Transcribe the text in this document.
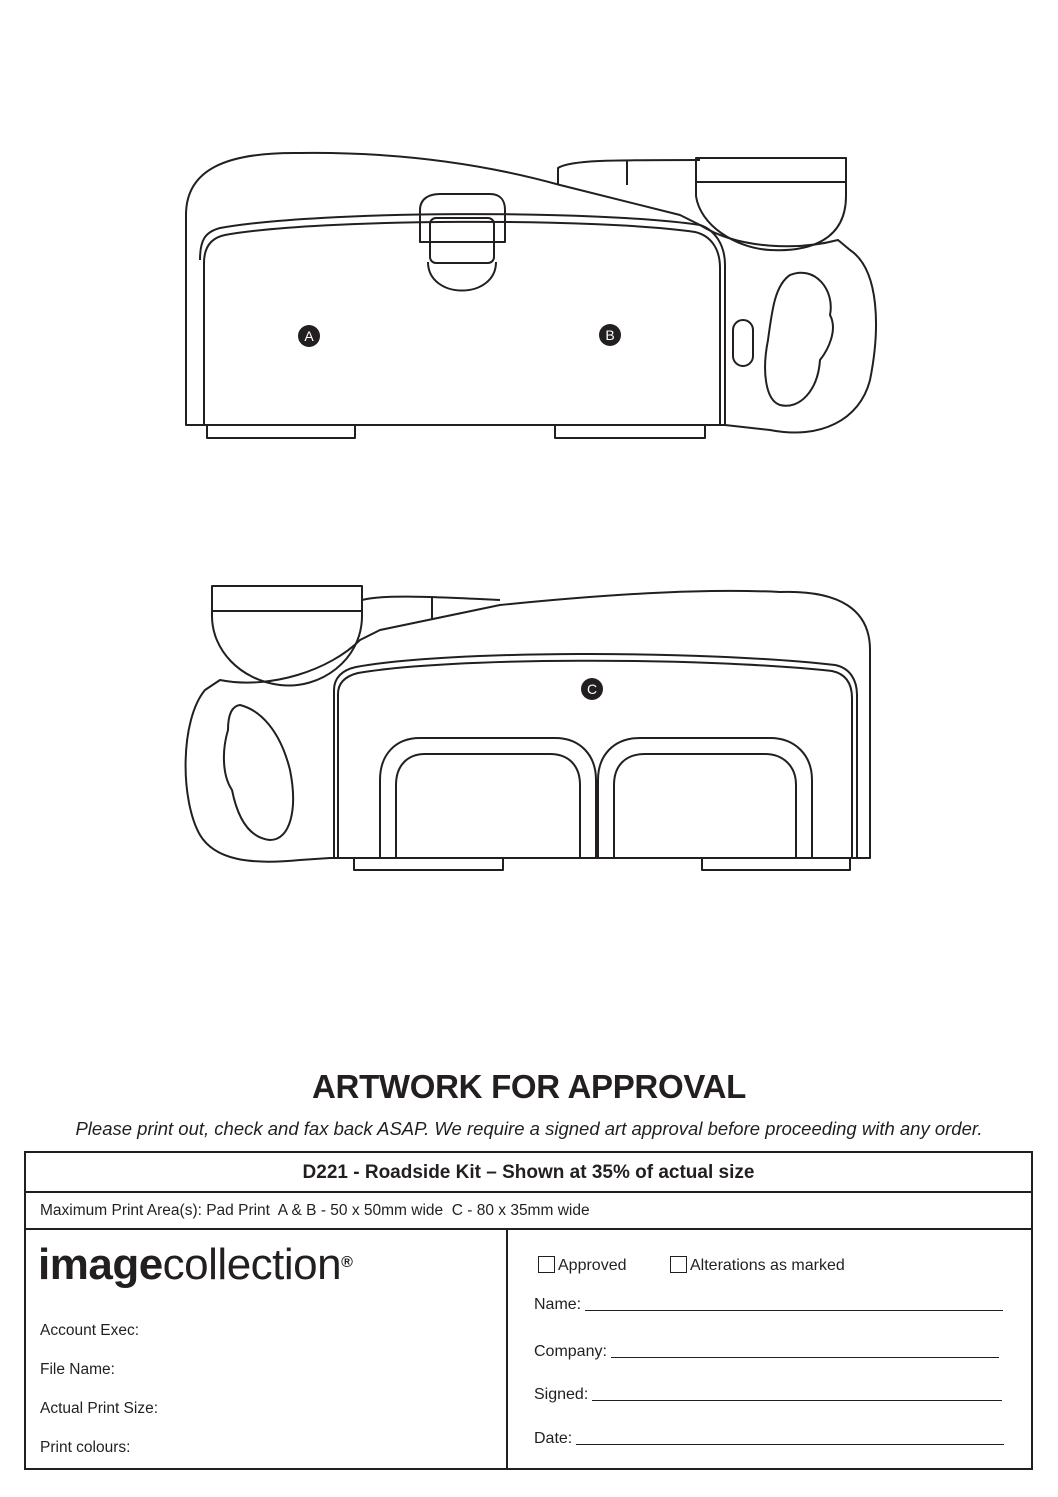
A	B
C
ARTWORK FOR APPROVAL
Please print out, check and fax back ASAP. We require a signed art approval before proceeding with any order.
D221 - Roadside Kit – Shown at 35% of actual size
Maximum Print Area(s): Pad Print  A & B - 50 x 50mm wide  C - 80 x 35mm wide
imagecollection®
Account Exec:
File Name:
Actual Print Size:
Print colours:
Approved	Alterations as marked
Name:
Company:
Signed:
Date:
